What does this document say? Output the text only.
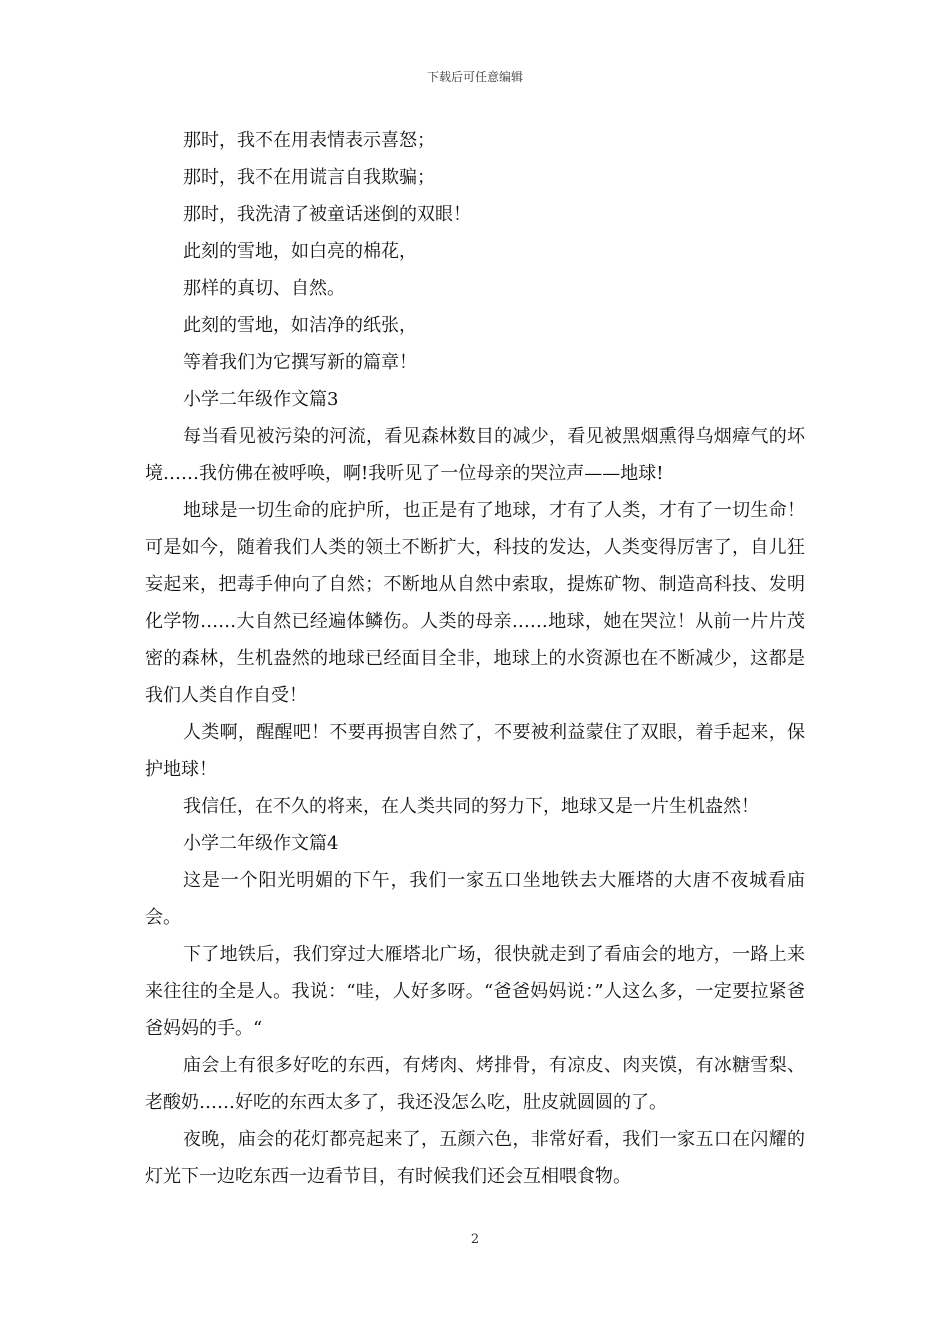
下载后可任意编辑

那时，我不在用表情表示喜怒；

那时，我不在用谎言自我欺骗；

那时，我洗清了被童话迷倒的双眼！

此刻的雪地，如白亮的棉花，

那样的真切、自然。

此刻的雪地，如洁净的纸张，

等着我们为它撰写新的篇章！

小学二年级作文篇3

每当看见被污染的河流，看见森林数目的减少，看见被黑烟熏得乌烟瘴气的坏境……我仿佛在被呼唤，啊!我听见了一位母亲的哭泣声——地球!

地球是一切生命的庇护所，也正是有了地球，才有了人类，才有了一切生命！可是如今，随着我们人类的领土不断扩大，科技的发达，人类变得厉害了，自儿狂妄起来，把毒手伸向了自然；不断地从自然中索取，提炼矿物、制造高科技、发明化学物……大自然已经遍体鳞伤。人类的母亲……地球，她在哭泣！从前一片片茂密的森林，生机盎然的地球已经面目全非，地球上的水资源也在不断减少，这都是我们人类自作自受！

人类啊，醒醒吧！不要再损害自然了，不要被利益蒙住了双眼，着手起来，保护地球！

我信任，在不久的将来，在人类共同的努力下，地球又是一片生机盎然！

小学二年级作文篇4

这是一个阳光明媚的下午，我们一家五口坐地铁去大雁塔的大唐不夜城看庙会。

下了地铁后，我们穿过大雁塔北广场，很快就走到了看庙会的地方，一路上来来往往的全是人。我说：“哇，人好多呀。“爸爸妈妈说：”人这么多，一定要拉紧爸爸妈妈的手。“

庙会上有很多好吃的东西，有烤肉、烤排骨，有凉皮、肉夹馍，有冰糖雪梨、老酸奶……好吃的东西太多了，我还没怎么吃，肚皮就圆圆的了。

夜晚，庙会的花灯都亮起来了，五颜六色，非常好看，我们一家五口在闪耀的灯光下一边吃东西一边看节目，有时候我们还会互相喂食物。

2
